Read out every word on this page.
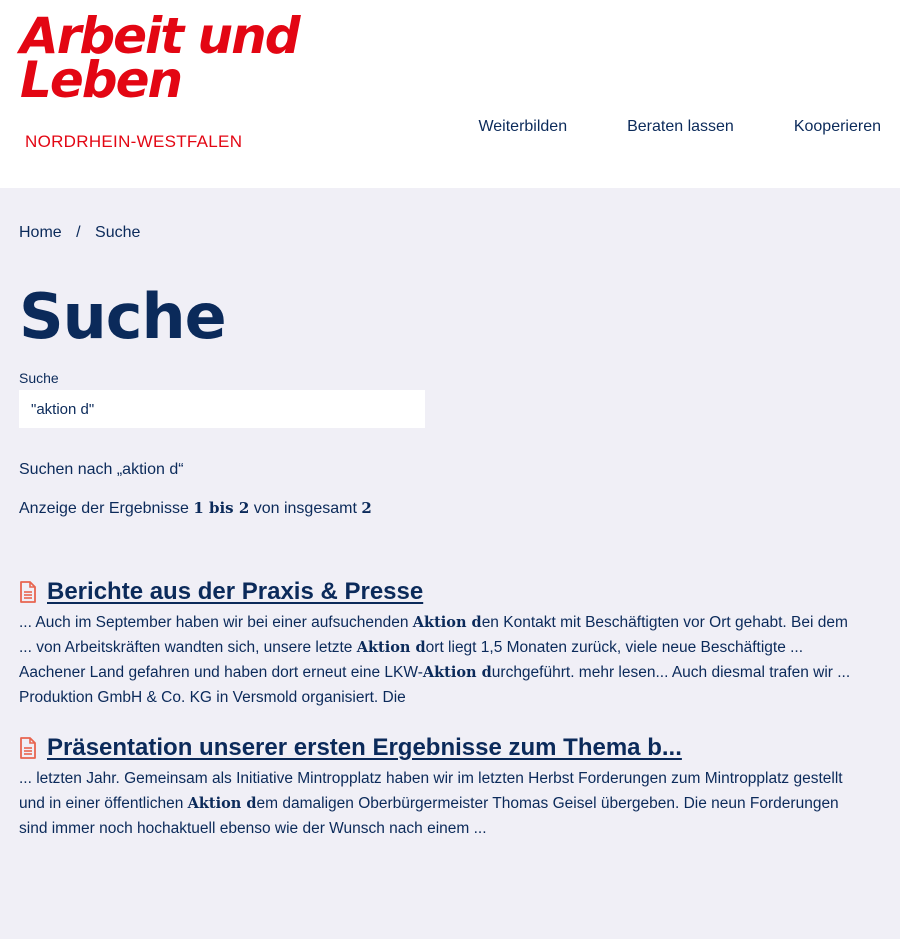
Arbeit und
Leben
NORDRHEIN-WESTFALEN
Weiterbilden	Beraten lassen	Kooperieren
Home / Suche
Suche
Suche
"aktion d"
Suchen nach „aktion d“
Anzeige der Ergebnisse 1 bis 2 von insgesamt 2
Berichte aus der Praxis & Presse
... Auch im September haben wir bei einer aufsuchenden Aktion den Kontakt mit Beschäftigten vor Ort gehabt. Bei dem ... von Arbeitskräften wandten sich, unsere letzte Aktion dort liegt 1,5 Monaten zurück, viele neue Beschäftigte ... Aachener Land gefahren und haben dort erneut eine LKW-Aktion durchgeführt. mehr lesen... Auch diesmal trafen wir ... Produktion GmbH & Co. KG in Versmold organisiert. Die
Präsentation unserer ersten Ergebnisse zum Thema b...
... letzten Jahr. Gemeinsam als Initiative Mintropplatz haben wir im letzten Herbst Forderungen zum Mintropplatz gestellt und in einer öffentlichen Aktion dem damaligen Oberbürgermeister Thomas Geisel übergeben. Die neun Forderungen sind immer noch hochaktuell ebenso wie der Wunsch nach einem ...
